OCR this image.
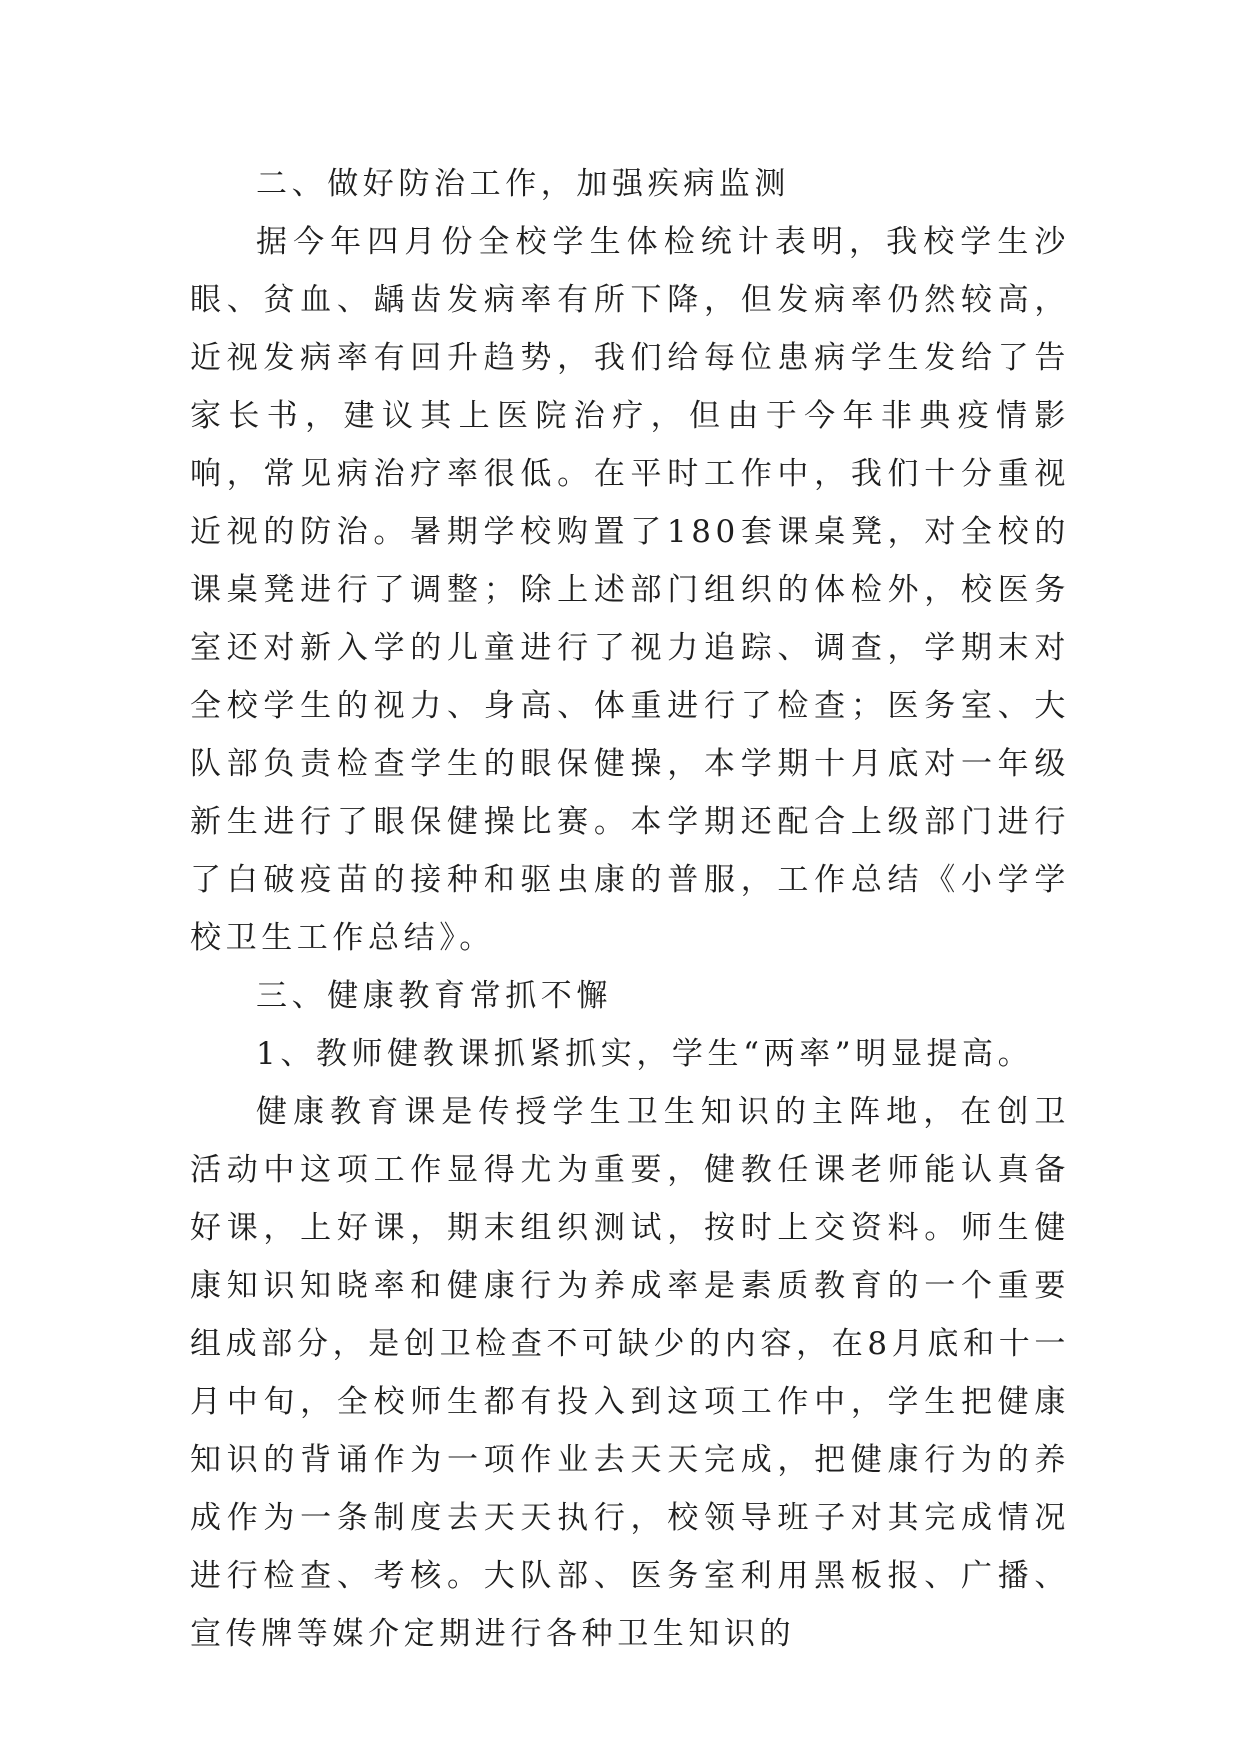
二、做好防治工作，加强疾病监测

据今年四月份全校学生体检统计表明，我校学生沙眼、贫血、龋齿发病率有所下降，但发病率仍然较高，近视发病率有回升趋势，我们给每位患病学生发给了告家长书，建议其上医院治疗，但由于今年非典疫情影响，常见病治疗率很低。在平时工作中，我们十分重视近视的防治。暑期学校购置了180套课桌凳，对全校的课桌凳进行了调整；除上述部门组织的体检外，校医务室还对新入学的儿童进行了视力追踪、调查，学期末对全校学生的视力、身高、体重进行了检查；医务室、大队部负责检查学生的眼保健操，本学期十月底对一年级新生进行了眼保健操比赛。本学期还配合上级部门进行了白破疫苗的接种和驱虫康的普服，工作总结《小学学校卫生工作总结》。

三、健康教育常抓不懈

1、教师健教课抓紧抓实，学生“两率”明显提高。

健康教育课是传授学生卫生知识的主阵地，在创卫活动中这项工作显得尤为重要，健教任课老师能认真备好课，上好课，期末组织测试，按时上交资料。师生健康知识知晓率和健康行为养成率是素质教育的一个重要组成部分，是创卫检查不可缺少的内容，在8月底和十一月中旬，全校师生都有投入到这项工作中，学生把健康知识的背诵作为一项作业去天天完成，把健康行为的养成作为一条制度去天天执行，校领导班子对其完成情况进行检查、考核。大队部、医务室利用黑板报、广播、宣传牌等媒介定期进行各种卫生知识的
